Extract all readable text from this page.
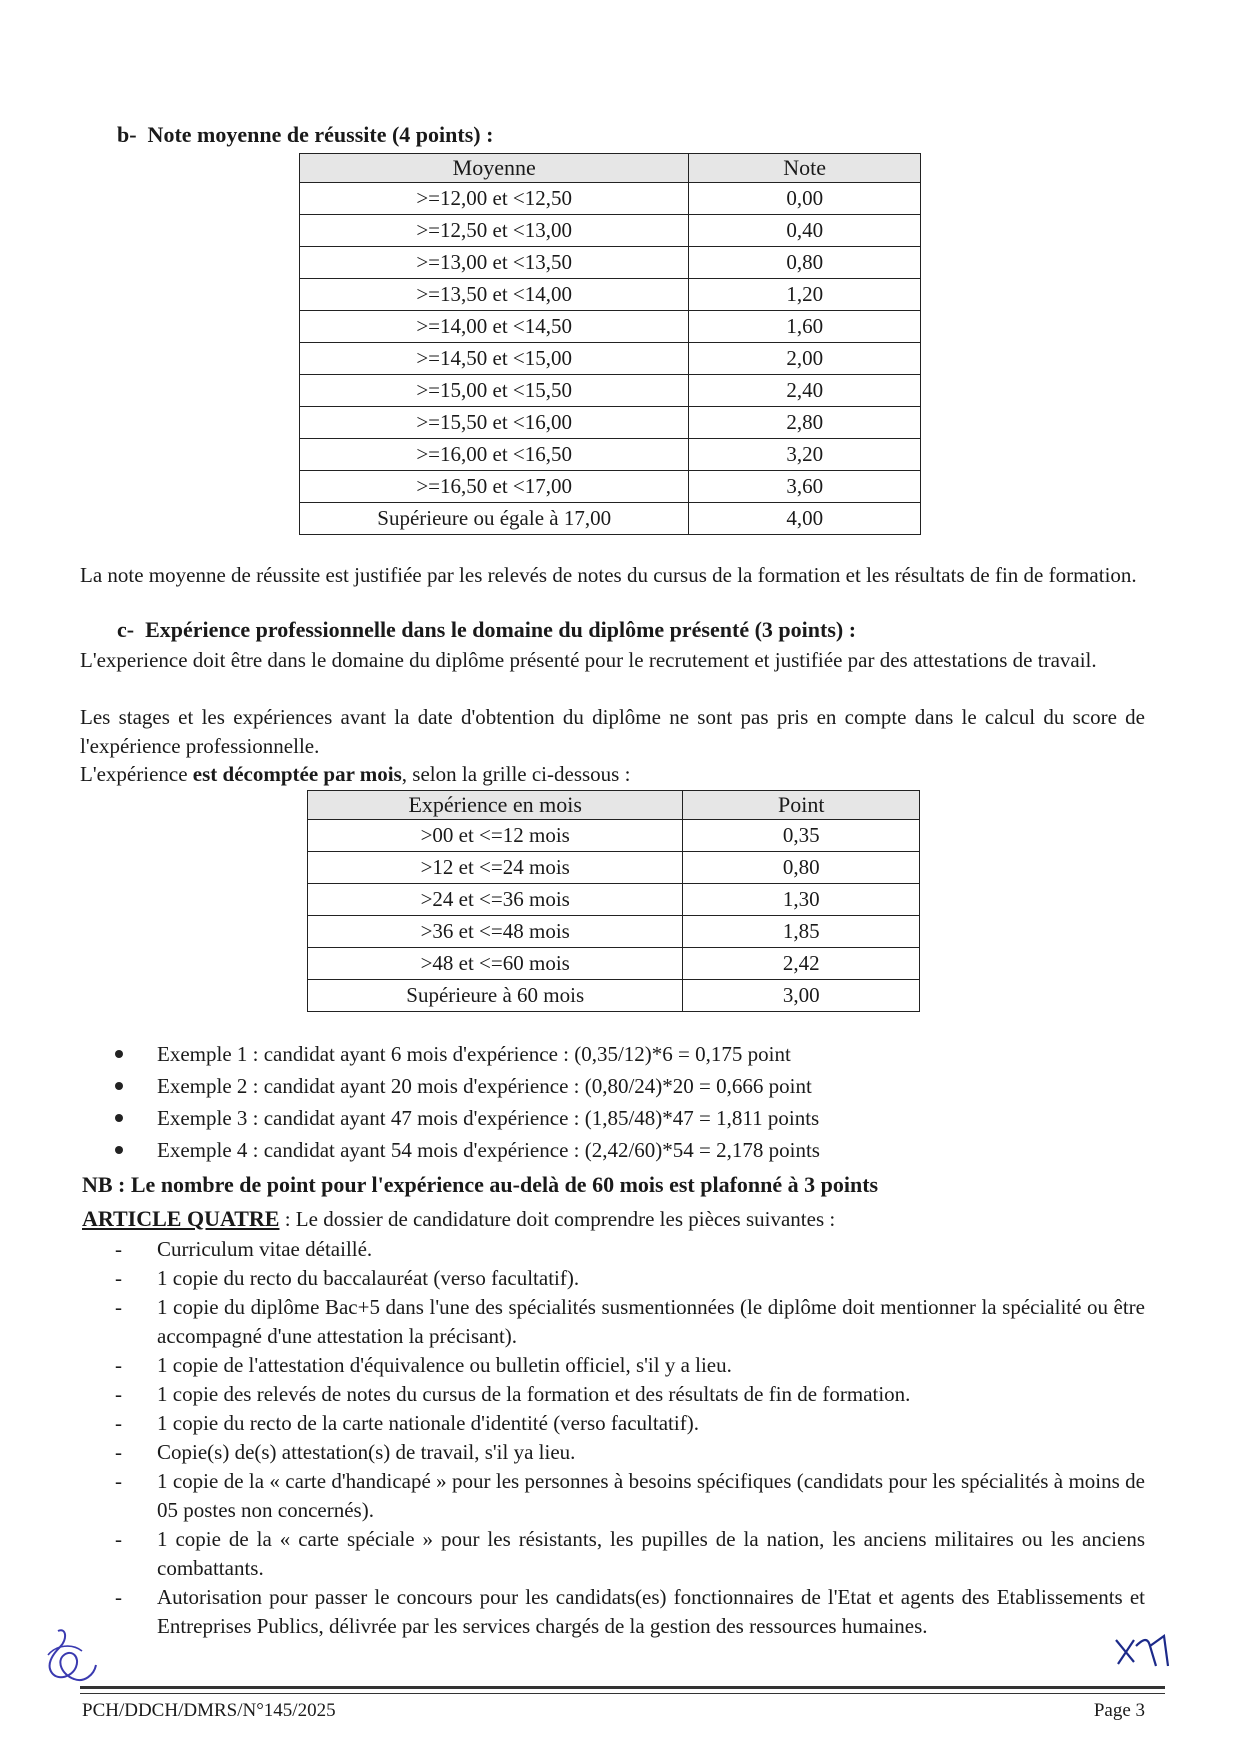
b-  Note moyenne de réussite (4 points) :
Moyenne	Note
>=12,00 et <12,50	0,00
>=12,50 et <13,00	0,40
>=13,00 et <13,50	0,80
>=13,50 et <14,00	1,20
>=14,00 et <14,50	1,60
>=14,50 et <15,00	2,00
>=15,00 et <15,50	2,40
>=15,50 et <16,00	2,80
>=16,00 et <16,50	3,20
>=16,50 et <17,00	3,60
Supérieure ou égale à 17,00	4,00
La note moyenne de réussite est justifiée par les relevés de notes du cursus de la formation et les résultats de fin de formation.
c-  Expérience professionnelle dans le domaine du diplôme présenté (3 points) :
L'experience doit être dans le domaine du diplôme présenté pour le recrutement et justifiée par des attestations de travail.
Les stages et les expériences avant la date d'obtention du diplôme ne sont pas pris en compte dans le calcul du score de l'expérience professionnelle.
L'expérience est décomptée par mois, selon la grille ci-dessous :
Expérience en mois	Point
>00 et <=12 mois	0,35
>12 et <=24 mois	0,80
>24 et <=36 mois	1,30
>36 et <=48 mois	1,85
>48 et <=60 mois	2,42
Supérieure à 60 mois	3,00
Exemple 1 : candidat ayant 6 mois d'expérience : (0,35/12)*6 = 0,175 point
Exemple 2 : candidat ayant 20 mois d'expérience : (0,80/24)*20 = 0,666 point
Exemple 3 : candidat ayant 47 mois d'expérience : (1,85/48)*47 = 1,811 points
Exemple 4 : candidat ayant 54 mois d'expérience : (2,42/60)*54 = 2,178 points
NB : Le nombre de point pour l'expérience au-delà de 60 mois est plafonné à 3 points
ARTICLE QUATRE : Le dossier de candidature doit comprendre les pièces suivantes :
- Curriculum vitae détaillé.
- 1 copie du recto du baccalauréat (verso facultatif).
- 1 copie du diplôme Bac+5 dans l'une des spécialités susmentionnées (le diplôme doit mentionner la spécialité ou être accompagné d'une attestation la précisant).
- 1 copie de l'attestation d'équivalence ou bulletin officiel, s'il y a lieu.
- 1 copie des relevés de notes du cursus de la formation et des résultats de fin de formation.
- 1 copie du recto de la carte nationale d'identité (verso facultatif).
- Copie(s) de(s) attestation(s) de travail, s'il ya lieu.
- 1 copie de la « carte d'handicapé » pour les personnes à besoins spécifiques (candidats pour les spécialités à moins de 05 postes non concernés).
- 1 copie de la « carte spéciale » pour les résistants, les pupilles de la nation, les anciens militaires ou les anciens combattants.
- Autorisation pour passer le concours pour les candidats(es) fonctionnaires de l'Etat et agents des Etablissements et Entreprises Publics, délivrée par les services chargés de la gestion des ressources humaines.
PCH/DDCH/DMRS/N°145/2025	Page 3
